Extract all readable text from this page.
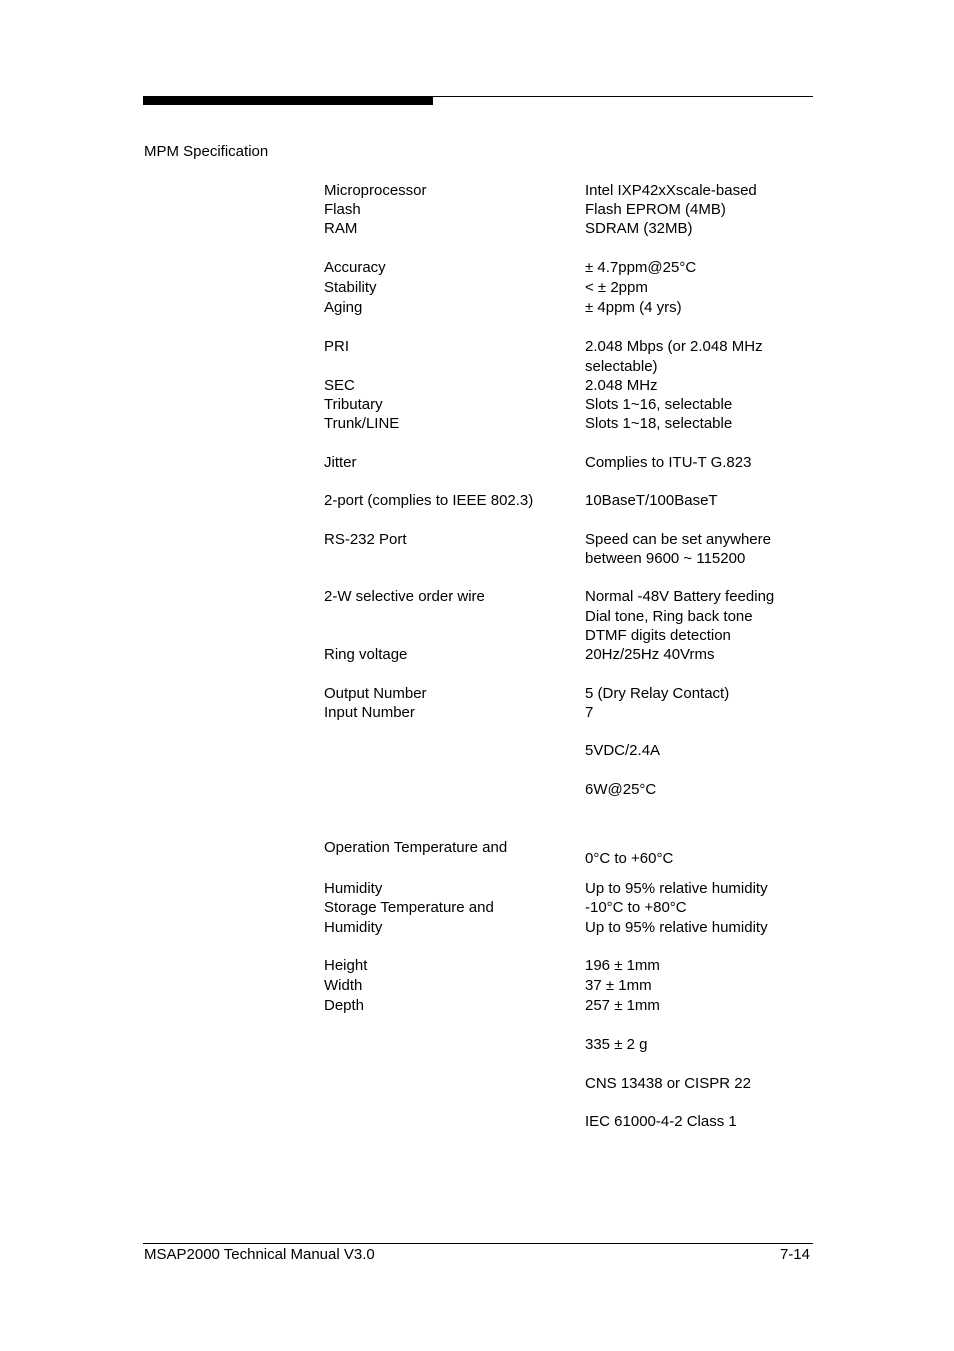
MPM Specification
Microprocessor
Flash
RAM
Accuracy
Stability
Aging
PRI
SEC
Tributary
Trunk/LINE
Jitter
2-port (complies to IEEE 802.3)
RS-232 Port
2-W selective order wire
Ring voltage
Output Number
Input Number
Operation Temperature and
Humidity
Storage Temperature and
Humidity
Height
Width
Depth
Intel IXP42xXscale-based
Flash EPROM (4MB)
SDRAM (32MB)
± 4.7ppm@25°C
< ± 2ppm
± 4ppm (4 yrs)
2.048 Mbps (or 2.048 MHz
selectable)
2.048 MHz
Slots 1~16, selectable
Slots 1~18, selectable
Complies to ITU-T G.823
10BaseT/100BaseT
Speed can be set anywhere
between 9600 ~ 115200
Normal -48V Battery feeding
Dial tone, Ring back tone
DTMF digits detection
20Hz/25Hz 40Vrms
5 (Dry Relay Contact)
7
5VDC/2.4A
6W@25°C
0°C to +60°C
Up to 95% relative humidity
-10°C to +80°C
Up to 95% relative humidity
196 ± 1mm
37 ± 1mm
257 ± 1mm
335 ± 2 g
CNS 13438 or CISPR 22
IEC 61000-4-2 Class 1
MSAP2000 Technical Manual V3.0	7-14
